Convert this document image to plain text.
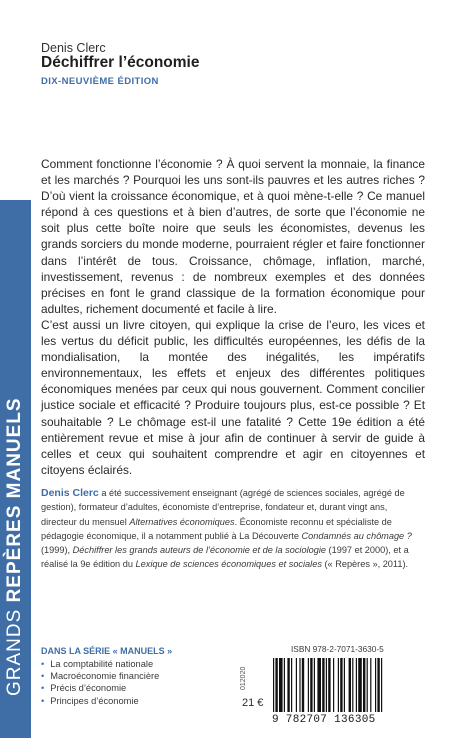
GRANDS REPÈRES MANUELS
Denis Clerc
Déchiffrer l’économie
DIX-NEUVIÈME ÉDITION

Comment fonctionne l’économie ? À quoi servent la monnaie, la finance et les marchés ? Pourquoi les uns sont-ils pauvres et les autres riches ? D’où vient la croissance économique, et à quoi mène-t-elle ? Ce manuel répond à ces questions et à bien d’autres, de sorte que l’économie ne soit plus cette boîte noire que seuls les économistes, devenus les grands sorciers du monde moderne, pourraient régler et faire fonctionner dans l’intérêt de tous. Croissance, chômage, inflation, marché, investissement, revenus : de nombreux exemples et des données précises en font le grand classique de la formation économique pour adultes, richement documenté et facile à lire.

C’est aussi un livre citoyen, qui explique la crise de l’euro, les vices et les vertus du déficit public, les difficultés européennes, les défis de la mondialisation, la montée des inégalités, les impératifs environnementaux, les effets et enjeux des différentes politiques économiques menées par ceux qui nous gouvernent. Comment concilier justice sociale et efficacité ? Produire toujours plus, est-ce possible ? Et souhaitable ? Le chômage est-il une fatalité ? Cette 19e édition a été entièrement revue et mise à jour afin de continuer à servir de guide à celles et ceux qui souhaitent comprendre et agir en citoyennes et citoyens éclairés.

Denis Clerc a été successivement enseignant (agrégé de sciences sociales, agrégé de gestion), formateur d’adultes, économiste d’entreprise, fondateur et, durant vingt ans, directeur du mensuel Alternatives économiques. Économiste reconnu et spécialiste de pédagogie économique, il a notamment publié à La Découverte Condamnés au chômage ? (1999), Déchiffrer les grands auteurs de l’économie et de la sociologie (1997 et 2000), et a réalisé la 9e édition du Lexique de sciences économiques et sociales (« Repères », 2011).
DANS LA SÉRIE « MANUELS »
• La comptabilité nationale
• Macroéconomie financière
• Précis d’économie
• Principes d’économie
012020
ISBN 978-2-7071-3630-5
21 €
9 782707 136305
